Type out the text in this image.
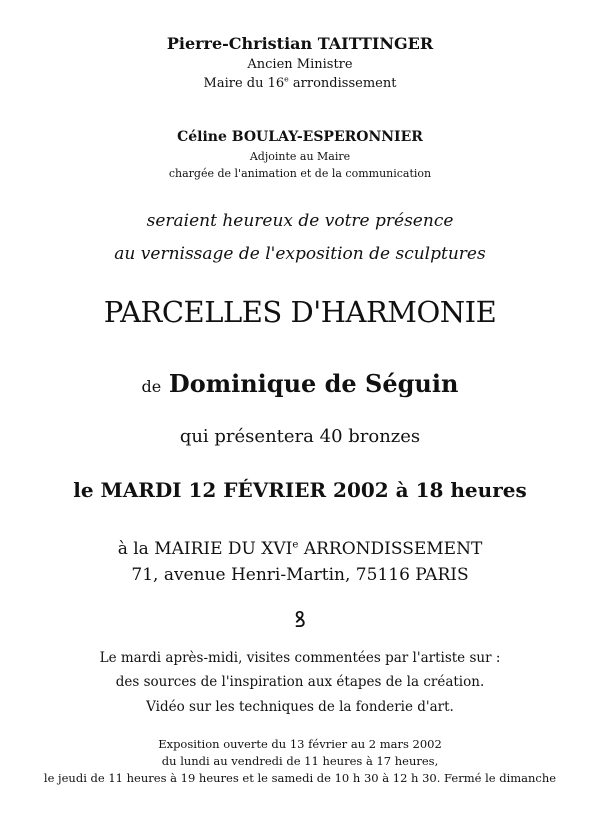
Pierre-Christian TAITTINGER
Ancien Ministre
Maire du 16e arrondissement
Céline BOULAY-ESPERONNIER
Adjointe au Maire
chargée de l'animation et de la communication
seraient heureux de votre présence
au vernissage de l'exposition de sculptures
PARCELLES D'HARMONIE
de Dominique de Séguin
qui présentera 40 bronzes
le MARDI 12 FÉVRIER 2002 à 18 heures
à la MAIRIE DU XVIe ARRONDISSEMENT
71, avenue Henri-Martin, 75116 PARIS
ꝸ
Le mardi après-midi, visites commentées par l'artiste sur :
des sources de l'inspiration aux étapes de la création.
Vidéo sur les techniques de la fonderie d'art.
Exposition ouverte du 13 février au 2 mars 2002
du lundi au vendredi de 11 heures à 17 heures,
le jeudi de 11 heures à 19 heures et le samedi de 10 h 30 à 12 h 30. Fermé le dimanche
